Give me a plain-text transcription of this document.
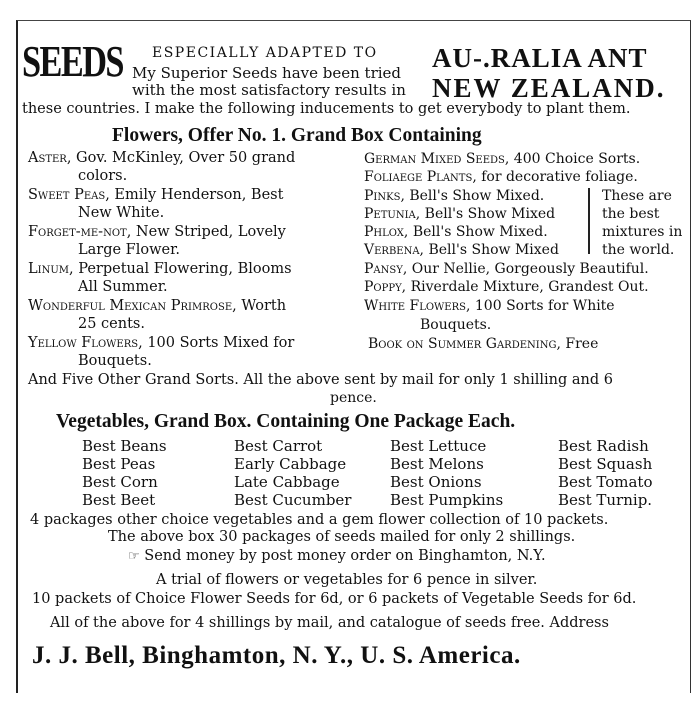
SEEDS ESPECIALLY ADAPTED TO
My Superior Seeds have been tried
with the most satisfactory results in
AU-.RALIA ANT
NEW ZEALAND.
these countries. I make the following inducements to get everybody to plant them.
Flowers, Offer No. 1. Grand Box Containing
Aster, Gov. McKinley, Over 50 grand
colors.
Sweet Peas, Emily Henderson, Best
New White.
Forget-me-not, New Striped, Lovely
Large Flower.
Linum, Perpetual Flowering, Blooms
All Summer.
Wonderful Mexican Primrose, Worth
25 cents.
Yellow Flowers, 100 Sorts Mixed for
Bouquets.
German Mixed Seeds, 400 Choice Sorts.
Foliaege Plants, for decorative foliage.
Pinks, Bell's Show Mixed.
Petunia, Bell's Show Mixed
Phlox, Bell's Show Mixed.
Verbena, Bell's Show Mixed
These are
the best
mixtures in
the world.
Pansy, Our Nellie, Gorgeously Beautiful.
Poppy, Riverdale Mixture, Grandest Out.
White Flowers, 100 Sorts for White
Bouquets.
Book on Summer Gardening, Free
And Five Other Grand Sorts. All the above sent by mail for only 1 shilling and 6
pence.
Vegetables, Grand Box. Containing One Package Each.
Best Beans
Best Peas
Best Corn
Best Beet
Best Carrot
Early Cabbage
Late Cabbage
Best Cucumber
Best Lettuce
Best Melons
Best Onions
Best Pumpkins
Best Radish
Best Squash
Best Tomato
Best Turnip.
4 packages other choice vegetables and a gem flower collection of 10 packets.
The above box 30 packages of seeds mailed for only 2 shillings.
☞ Send money by post money order on Binghamton, N.Y.
A trial of flowers or vegetables for 6 pence in silver.
10 packets of Choice Flower Seeds for 6d, or 6 packets of Vegetable Seeds for 6d.
All of the above for 4 shillings by mail, and catalogue of seeds free. Address
J. J. Bell, Binghamton, N. Y., U. S. America.
